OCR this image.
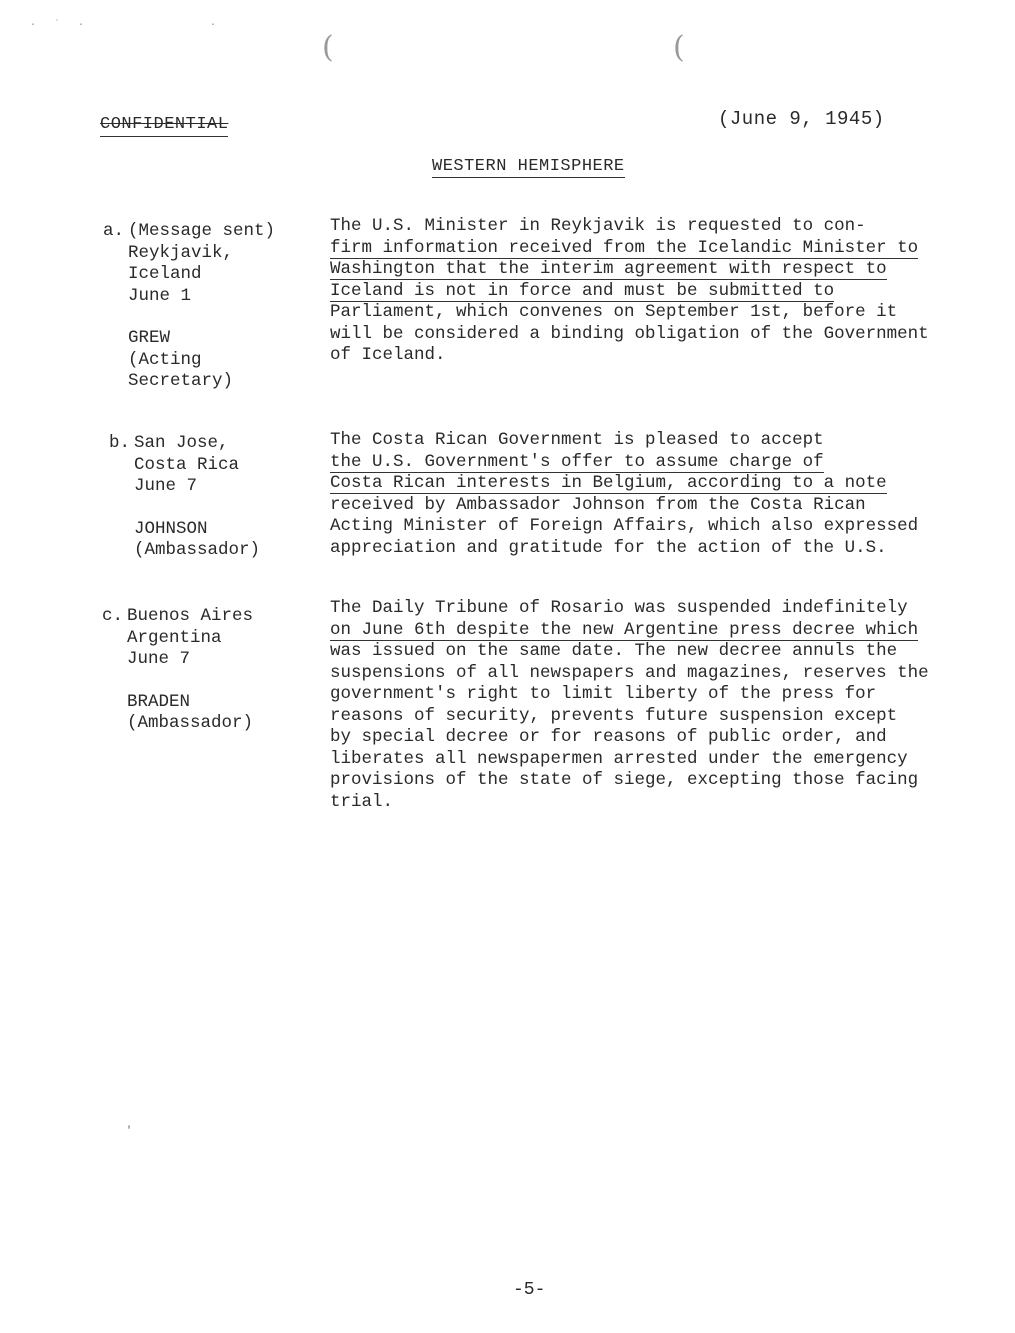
· ˙ ·          ·
(	(
CONFIDENTIAL	(June 9, 1945)
WESTERN HEMISPHERE
a. (Message sent)
Reykjavik,
Iceland
June 1
GREW
(Acting
Secretary)
The U.S. Minister in Reykjavik is requested to con-
firm information received from the Icelandic Minister to
Washington that the interim agreement with respect to
Iceland is not in force and must be submitted to
Parliament, which convenes on September 1st, before it
will be considered a binding obligation of the Government
of Iceland.
b. San Jose,
Costa Rica
June 7
JOHNSON
(Ambassador)
The Costa Rican Government is pleased to accept
the U.S. Government's offer to assume charge of
Costa Rican interests in Belgium, according to a note
received by Ambassador Johnson from the Costa Rican
Acting Minister of Foreign Affairs, which also expressed
appreciation and gratitude for the action of the U.S.
c. Buenos Aires
Argentina
June 7
BRADEN
(Ambassador)
The Daily Tribune of Rosario was suspended indefinitely
on June 6th despite the new Argentine press decree which
was issued on the same date. The new decree annuls the
suspensions of all newspapers and magazines, reserves the
government's right to limit liberty of the press for
reasons of security, prevents future suspension except
by special decree or for reasons of public order, and
liberates all newspapermen arrested under the emergency
provisions of the state of siege, excepting those facing
trial.
'
-5-
